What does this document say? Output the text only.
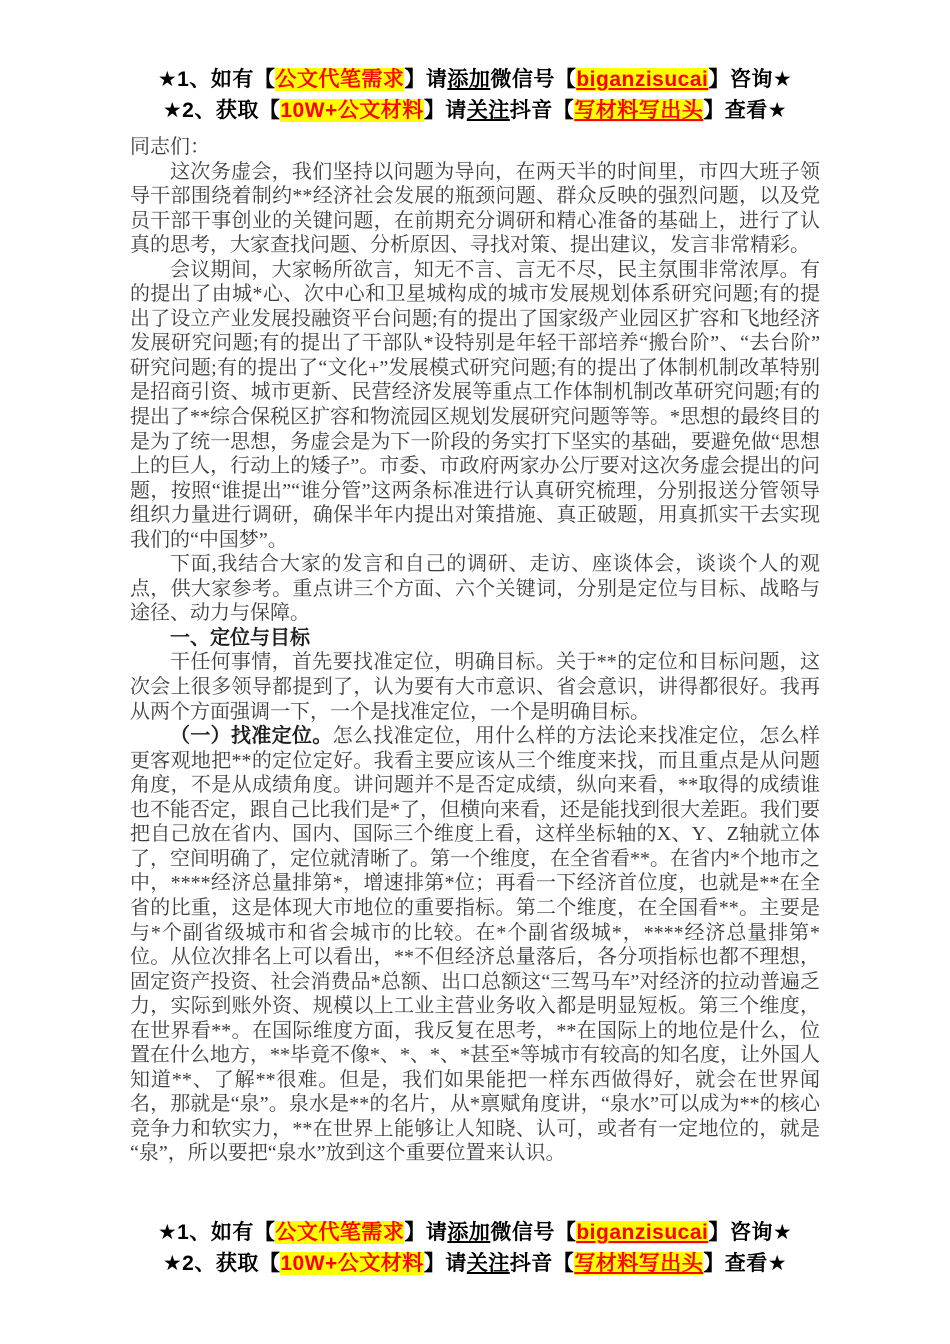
★1、如有【公文代笔需求】请添加微信号【biganzisucai】咨询★
★2、获取【10W+公文材料】请关注抖音【写材料写出头】查看★

同志们：

这次务虚会，我们坚持以问题为导向，在两天半的时间里，市四大班子领导干部围绕着制约**经济社会发展的瓶颈问题、群众反映的强烈问题，以及党员干部干事创业的关键问题，在前期充分调研和精心准备的基础上，进行了认真的思考，大家查找问题、分析原因、寻找对策、提出建议，发言非常精彩。

会议期间，大家畅所欲言，知无不言、言无不尽，民主氛围非常浓厚。有的提出了由城*心、次中心和卫星城构成的城市发展规划体系研究问题;有的提出了设立产业发展投融资平台问题;有的提出了国家级产业园区扩容和飞地经济发展研究问题;有的提出了干部队*设特别是年轻干部培养“搬台阶”、“去台阶”研究问题;有的提出了“文化+”发展模式研究问题;有的提出了体制机制改革特别是招商引资、城市更新、民营经济发展等重点工作体制机制改革研究问题;有的提出了**综合保税区扩容和物流园区规划发展研究问题等等。*思想的最终目的是为了统一思想，务虚会是为下一阶段的务实打下坚实的基础，要避免做“思想上的巨人，行动上的矮子”。市委、市政府两家办公厅要对这次务虚会提出的问题，按照“谁提出”“谁分管”这两条标准进行认真研究梳理，分别报送分管领导组织力量进行调研，确保半年内提出对策措施、真正破题，用真抓实干去实现我们的“中国梦”。

下面,我结合大家的发言和自己的调研、走访、座谈体会，谈谈个人的观点，供大家参考。重点讲三个方面、六个关键词，分别是定位与目标、战略与途径、动力与保障。

一、定位与目标

干任何事情，首先要找准定位，明确目标。关于**的定位和目标问题，这次会上很多领导都提到了，认为要有大市意识、省会意识，讲得都很好。我再从两个方面强调一下，一个是找准定位，一个是明确目标。

（一）找准定位。怎么找准定位，用什么样的方法论来找准定位，怎么样更客观地把**的定位定好。我看主要应该从三个维度来找，而且重点是从问题角度，不是从成绩角度。讲问题并不是否定成绩，纵向来看，**取得的成绩谁也不能否定，跟自己比我们是*了，但横向来看，还是能找到很大差距。我们要把自己放在省内、国内、国际三个维度上看，这样坐标轴的X、Y、Z轴就立体了，空间明确了，定位就清晰了。第一个维度，在全省看**。在省内*个地市之中，****经济总量排第*，增速排第*位；再看一下经济首位度，也就是**在全省的比重，这是体现大市地位的重要指标。第二个维度，在全国看**。主要是与*个副省级城市和省会城市的比较。在*个副省级城*，****经济总量排第*位。从位次排名上可以看出，**不但经济总量落后，各分项指标也都不理想，固定资产投资、社会消费品*总额、出口总额这“三驾马车”对经济的拉动普遍乏力，实际到账外资、规模以上工业主营业务收入都是明显短板。第三个维度，在世界看**。在国际维度方面，我反复在思考，**在国际上的地位是什么，位置在什么地方，**毕竟不像*、*、*、*甚至*等城市有较高的知名度，让外国人知道**、了解**很难。但是，我们如果能把一样东西做得好，就会在世界闻名，那就是“泉”。泉水是**的名片，从*禀赋角度讲，“泉水”可以成为**的核心竞争力和软实力，**在世界上能够让人知晓、认可，或者有一定地位的，就是“泉”，所以要把“泉水”放到这个重要位置来认识。

★1、如有【公文代笔需求】请添加微信号【biganzisucai】咨询★
★2、获取【10W+公文材料】请关注抖音【写材料写出头】查看★
